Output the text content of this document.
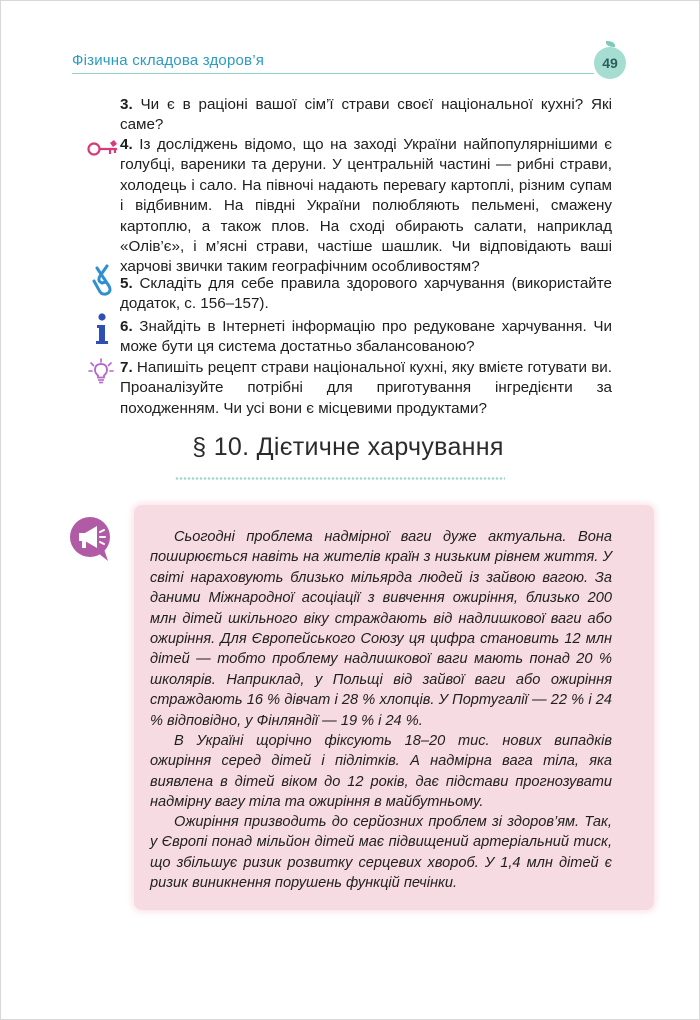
Фізична складова здоров’я	49
3. Чи є в раціоні вашої сім’ї страви своєї національної кухні? Які саме?
4. Із досліджень відомо, що на заході України найпопулярнішими є голубці, вареники та деруни. У центральній частині — рибні страви, холодець і сало. На півночі надають перевагу картоплі, різним супам і відбивним. На півдні України полюбляють пельмені, смажену картоплю, а також плов. На сході обирають салати, наприклад «Олів’є», і м’ясні страви, частіше шашлик. Чи відповідають ваші харчові звички таким географічним особливостям?
5. Складіть для себе правила здорового харчування (використайте додаток, с. 156–157).
6. Знайдіть в Інтернеті інформацію про редуковане харчування. Чи може бути ця система достатньо збалансованою?
7. Напишіть рецепт страви національної кухні, яку вмієте готувати ви. Проаналізуйте потрібні для приготування інгредієнти за походженням. Чи усі вони є місцевими продуктами?
§ 10. Дієтичне харчування
Сьогодні проблема надмірної ваги дуже актуальна. Вона поширюється навіть на жителів країн з низьким рівнем життя. У світі нараховують близько мільярда людей із зайвою вагою. За даними Міжнародної асоціації з вивчення ожиріння, близько 200 млн дітей шкільного віку страждають від надлишкової ваги або ожиріння. Для Європейського Союзу ця цифра становить 12 млн дітей — тобто проблему надлишкової ваги мають понад 20 % школярів. Наприклад, у Польщі від зайвої ваги або ожиріння страждають 16 % дівчат і 28 % хлопців. У Португалії — 22 % і 24 % відповідно, у Фінляндії — 19 % і 24 %.
В Україні щорічно фіксують 18–20 тис. нових випадків ожиріння серед дітей і підлітків. А надмірна вага тіла, яка виявлена в дітей віком до 12 років, дає підстави прогнозувати надмірну вагу тіла та ожиріння в майбутньому.
Ожиріння призводить до серйозних проблем зі здоров’ям. Так, у Європі понад мільйон дітей має підвищений артеріальний тиск, що збільшує ризик розвитку серцевих хвороб. У 1,4 млн дітей є ризик виникнення порушень функцій печінки.
